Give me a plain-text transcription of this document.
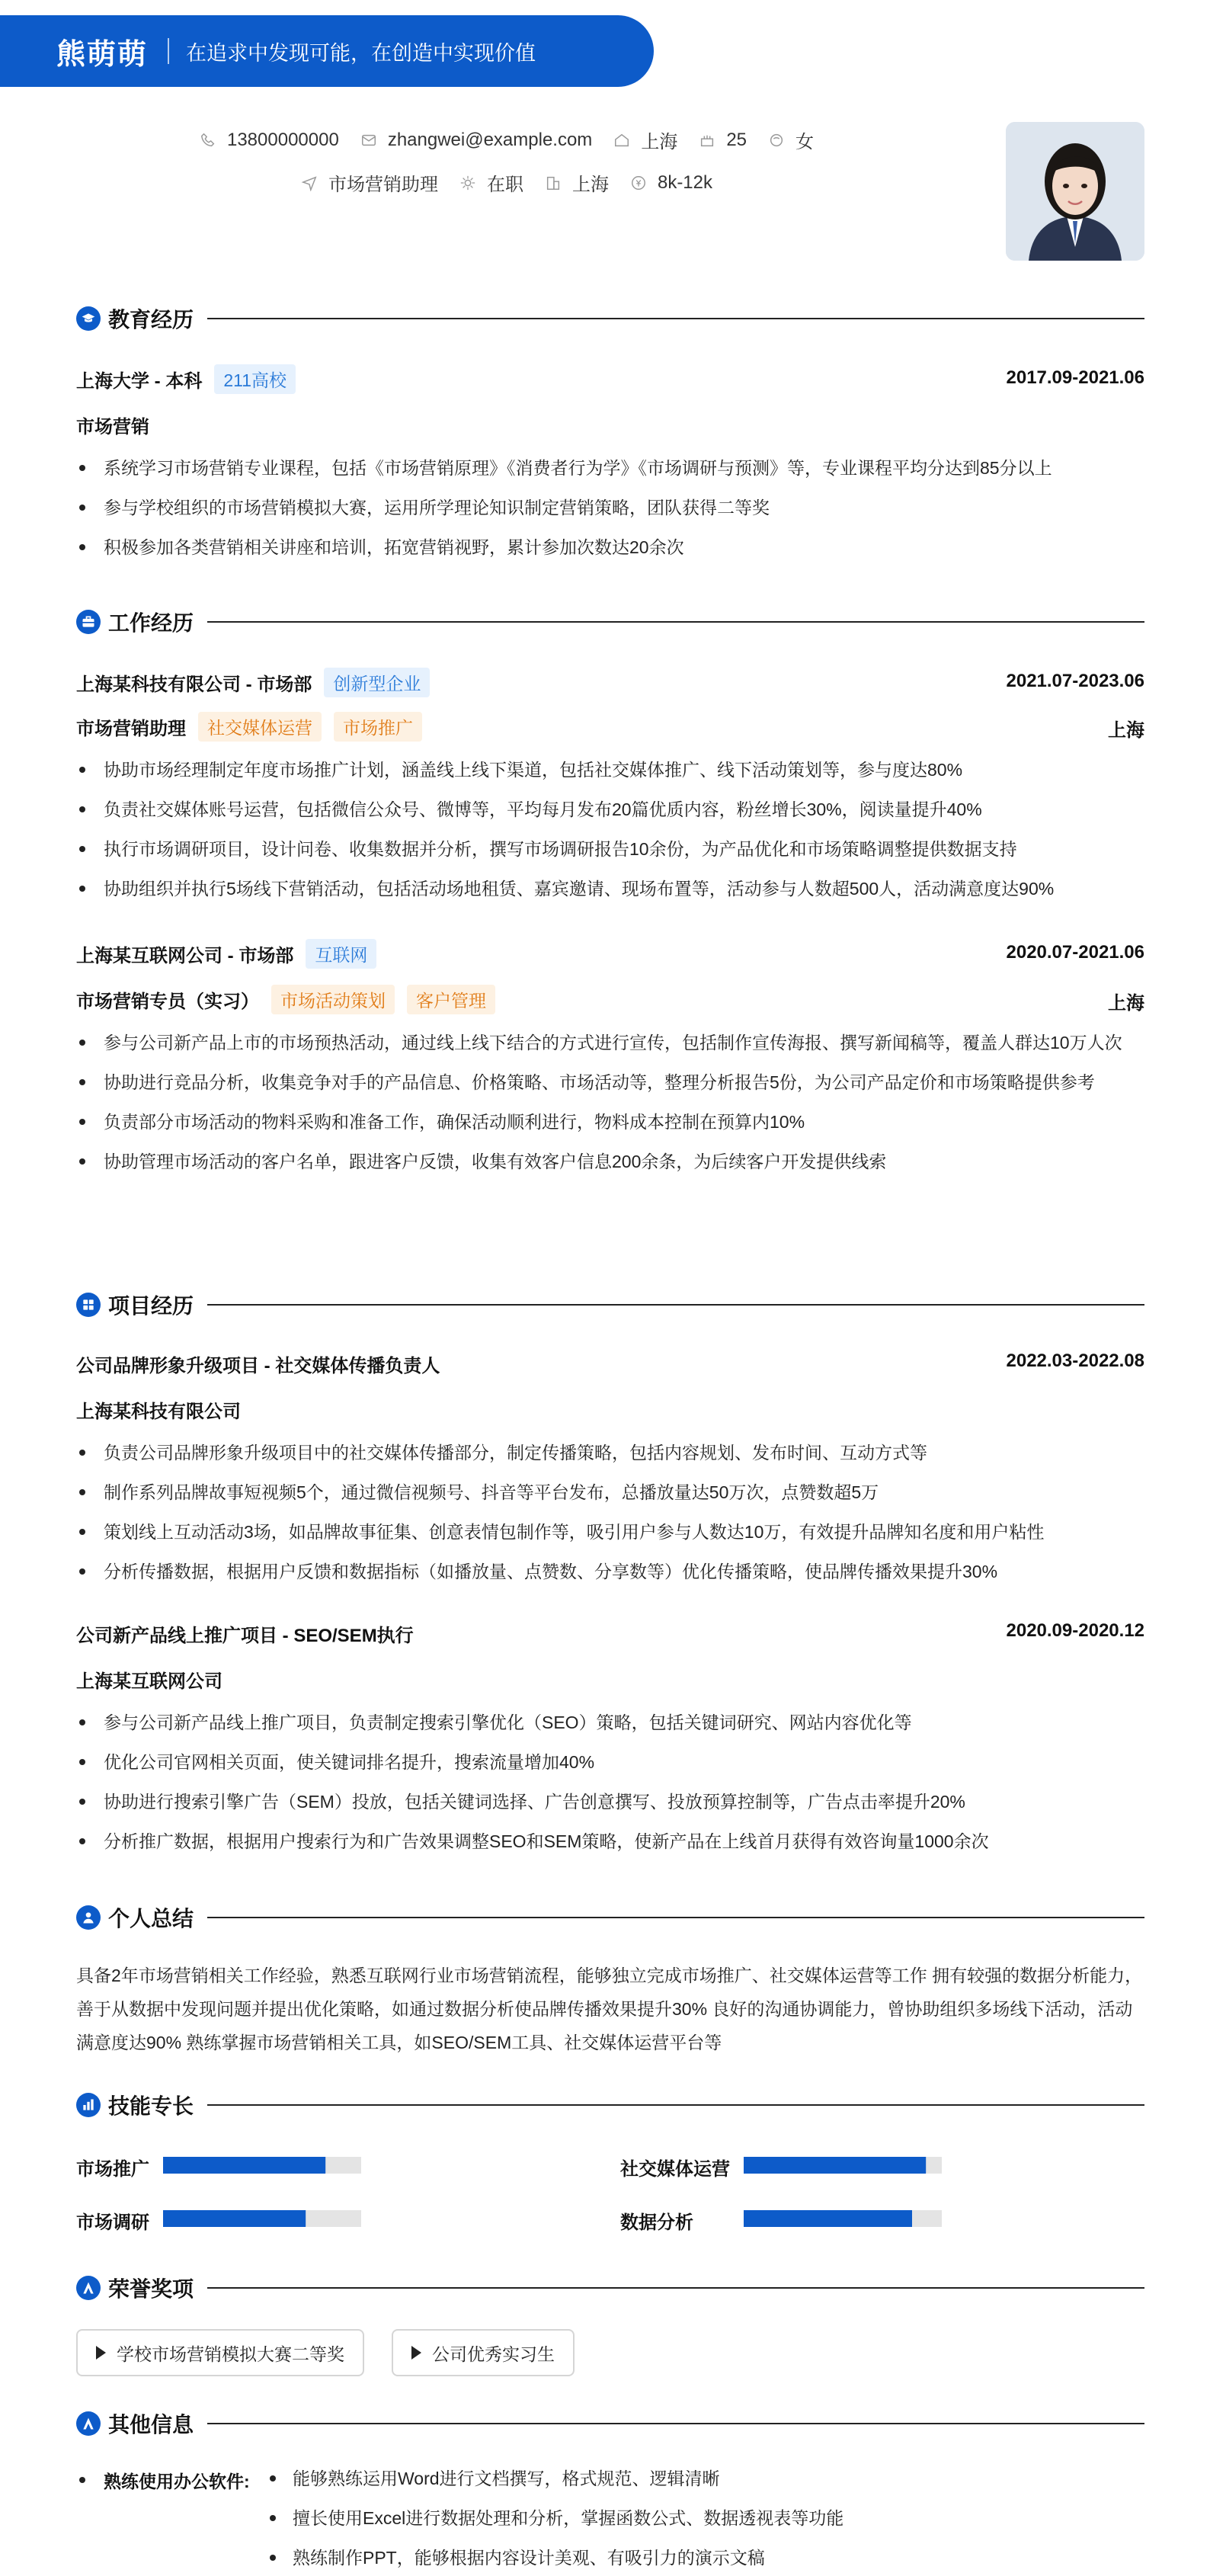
熊萌萌 在追求中发现可能，在创造中实现价值
13800000000	zhangwei@example.com	上海	25	女
市场营销助理	在职	上海	8k-12k
教育经历
上海大学 - 本科	211高校	2017.09-2021.06
市场营销
系统学习市场营销专业课程，包括《市场营销原理》《消费者行为学》《市场调研与预测》等，专业课程平均分达到85分以上
参与学校组织的市场营销模拟大赛，运用所学理论知识制定营销策略，团队获得二等奖
积极参加各类营销相关讲座和培训，拓宽营销视野，累计参加次数达20余次
工作经历
上海某科技有限公司 - 市场部	创新型企业	2021.07-2023.06
市场营销助理	社交媒体运营	市场推广	上海
协助市场经理制定年度市场推广计划，涵盖线上线下渠道，包括社交媒体推广、线下活动策划等，参与度达80%
负责社交媒体账号运营，包括微信公众号、微博等，平均每月发布20篇优质内容，粉丝增长30%，阅读量提升40%
执行市场调研项目，设计问卷、收集数据并分析，撰写市场调研报告10余份，为产品优化和市场策略调整提供数据支持
协助组织并执行5场线下营销活动，包括活动场地租赁、嘉宾邀请、现场布置等，活动参与人数超500人，活动满意度达90%
上海某互联网公司 - 市场部	互联网	2020.07-2021.06
市场营销专员（实习）	市场活动策划	客户管理	上海
参与公司新产品上市的市场预热活动，通过线上线下结合的方式进行宣传，包括制作宣传海报、撰写新闻稿等，覆盖人群达10万人次
协助进行竞品分析，收集竞争对手的产品信息、价格策略、市场活动等，整理分析报告5份，为公司产品定价和市场策略提供参考
负责部分市场活动的物料采购和准备工作，确保活动顺利进行，物料成本控制在预算内10%
协助管理市场活动的客户名单，跟进客户反馈，收集有效客户信息200余条，为后续客户开发提供线索
项目经历
公司品牌形象升级项目 - 社交媒体传播负责人	2022.03-2022.08
上海某科技有限公司
负责公司品牌形象升级项目中的社交媒体传播部分，制定传播策略，包括内容规划、发布时间、互动方式等
制作系列品牌故事短视频5个，通过微信视频号、抖音等平台发布，总播放量达50万次，点赞数超5万
策划线上互动活动3场，如品牌故事征集、创意表情包制作等，吸引用户参与人数达10万，有效提升品牌知名度和用户粘性
分析传播数据，根据用户反馈和数据指标（如播放量、点赞数、分享数等）优化传播策略，使品牌传播效果提升30%
公司新产品线上推广项目 - SEO/SEM执行	2020.09-2020.12
上海某互联网公司
参与公司新产品线上推广项目，负责制定搜索引擎优化（SEO）策略，包括关键词研究、网站内容优化等
优化公司官网相关页面，使关键词排名提升，搜索流量增加40%
协助进行搜索引擎广告（SEM）投放，包括关键词选择、广告创意撰写、投放预算控制等，广告点击率提升20%
分析推广数据，根据用户搜索行为和广告效果调整SEO和SEM策略，使新产品在上线首月获得有效咨询量1000余次
个人总结
具备2年市场营销相关工作经验，熟悉互联网行业市场营销流程，能够独立完成市场推广、社交媒体运营等工作 拥有较强的数据分析能力，善于从数据中发现问题并提出优化策略，如通过数据分析使品牌传播效果提升30% 良好的沟通协调能力，曾协助组织多场线下活动，活动满意度达90% 熟练掌握市场营销相关工具，如SEO/SEM工具、社交媒体运营平台等
技能专长
市场推广	社交媒体运营
市场调研	数据分析
荣誉奖项
学校市场营销模拟大赛二等奖	公司优秀实习生
其他信息
熟练使用办公软件:	能够熟练运用Word进行文档撰写，格式规范、逻辑清晰
擅长使用Excel进行数据处理和分析，掌握函数公式、数据透视表等功能
熟练制作PPT，能够根据内容设计美观、有吸引力的演示文稿
